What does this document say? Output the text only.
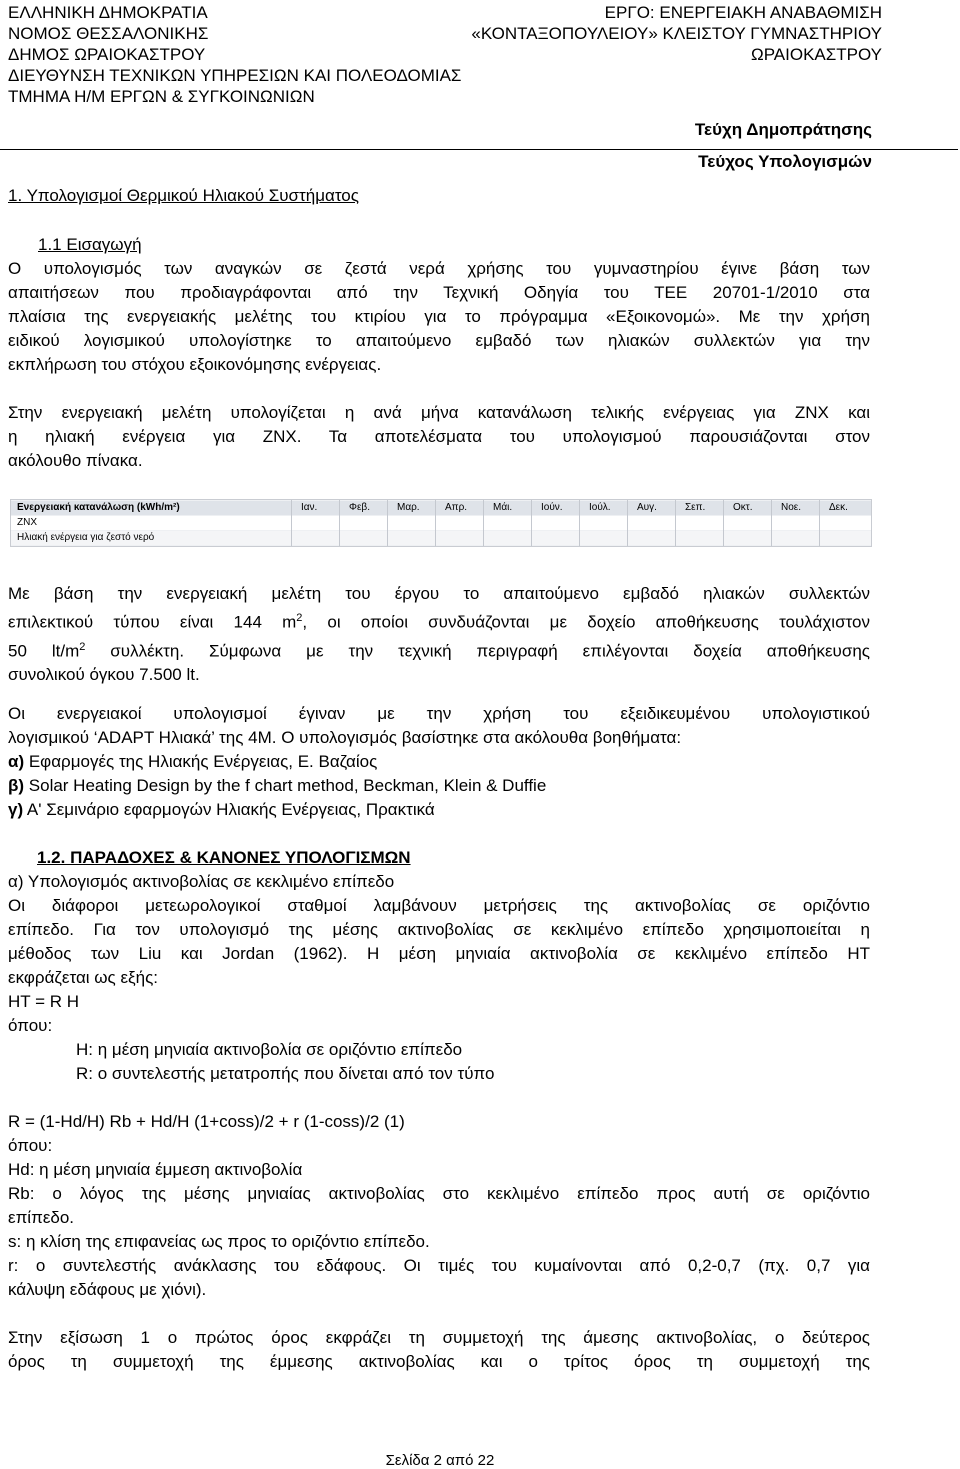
ΕΛΛΗΝΙΚΗ ΔΗΜΟΚΡΑΤΙΑ
ΝΟΜΟΣ ΘΕΣΣΑΛΟΝΙΚΗΣ
ΔΗΜΟΣ ΩΡΑΙΟΚΑΣΤΡΟΥ
ΔΙΕΥΘΥΝΣΗ ΤΕΧΝΙΚΩΝ ΥΠΗΡΕΣΙΩΝ ΚΑΙ ΠΟΛΕΟΔΟΜΙΑΣ
ΤΜΗΜΑ Η/Μ ΕΡΓΩΝ & ΣΥΓΚΟΙΝΩΝΙΩΝ
ΕΡΓΟ: ΕΝΕΡΓΕΙΑΚΗ ΑΝΑΒΑΘΜΙΣΗ
«ΚΟΝΤΑΞΟΠΟΥΛΕΙΟΥ» ΚΛΕΙΣΤΟΥ ΓΥΜΝΑΣΤΗΡΙΟΥ
ΩΡΑΙΟΚΑΣΤΡΟΥ
Τεύχη Δημοπράτησης
Τεύχος Υπολογισμών
1. Υπολογισμοί Θερμικού Ηλιακού Συστήματος
1.1 Εισαγωγή
Ο υπολογισμός των αναγκών σε ζεστά νερά χρήσης του γυμναστηρίου έγινε βάση των
απαιτήσεων που προδιαγράφονται από την Τεχνική Οδηγία του ΤΕΕ 20701-1/2010 στα
πλαίσια της ενεργειακής μελέτης του κτιρίου για το πρόγραμμα «Εξοικονομώ». Με την χρήση
ειδικού λογισμικού υπολογίστηκε το απαιτούμενο εμβαδό των ηλιακών συλλεκτών για την
εκπλήρωση του στόχου εξοικονόμησης ενέργειας.
Στην ενεργειακή μελέτη υπολογίζεται η ανά μήνα κατανάλωση τελικής ενέργειας για ΖΝΧ και
η ηλιακή ενέργεια για ΖΝΧ. Τα αποτελέσματα του υπολογισμού παρουσιάζονται στον
ακόλουθο πίνακα.
Ενεργειακή κατανάλωση (kWh/m²)	Ιαν.	Φεβ.	Μαρ.	Απρ.	Μάι.	Ιούν.	Ιούλ.	Αυγ.	Σεπ.	Οκτ.	Νοε.	Δεκ.
ΖΝΧ
Ηλιακή ενέργεια για ζεστό νερό
Με βάση την ενεργειακή μελέτη του έργου το απαιτούμενο εμβαδό ηλιακών συλλεκτών
επιλεκτικού τύπου είναι 144 $m^2$, οι οποίοι συνδυάζονται με δοχείο αποθήκευσης τουλάχιστον
50 $lt/m^2$ συλλέκτη. Σύμφωνα με την τεχνική περιγραφή επιλέγονται δοχεία αποθήκευσης
συνολικού όγκου 7.500 lt.
Οι ενεργειακοί υπολογισμοί έγιναν με την χρήση του εξειδικευμένου υπολογιστικού
λογισμικού ‘ADAPT Ηλιακά’ της 4Μ. Ο υπολογισμός βασίστηκε στα ακόλουθα βοηθήματα:
α) Εφαρμογές της Ηλιακής Ενέργειας, Ε. Βαζαίος
β) Solar Heating Design by the f chart method, Beckman, Klein & Duffie
γ) Α' Σεμινάριο εφαρμογών Ηλιακής Ενέργειας, Πρακτικά
1.2. ΠΑΡΑΔΟΧΕΣ & ΚΑΝΟΝΕΣ ΥΠΟΛΟΓΙΣΜΩΝ
α) Υπολογισμός ακτινοβολίας σε κεκλιμένο επίπεδο
Οι διάφοροι μετεωρολογικοί σταθμοί λαμβάνουν μετρήσεις της ακτινοβολίας σε οριζόντιο
επίπεδο. Για τον υπολογισμό της μέσης ακτινοβολίας σε κεκλιμένο επίπεδο χρησιμοποιείται η
μέθοδος των Liu και Jordan (1962). Η μέση μηνιαία ακτινοβολία σε κεκλιμένο επίπεδο ΗΤ
εκφράζεται ως εξής:
HT = R H
όπου:
H: η μέση μηνιαία ακτινοβολία σε οριζόντιο επίπεδο
R: ο συντελεστής μετατροπής που δίνεται από τον τύπο
R = (1-Hd/H) Rb + Hd/H (1+coss)/2 + r (1-coss)/2 (1)
όπου:
Hd: η μέση μηνιαία έμμεση ακτινοβολία
Rb: ο λόγος της μέσης μηνιαίας ακτινοβολίας στο κεκλιμένο επίπεδο προς αυτή σε οριζόντιο
επίπεδο.
s: η κλίση της επιφανείας ως προς το οριζόντιο επίπεδο.
r: ο συντελεστής ανάκλασης του εδάφους. Οι τιμές του κυμαίνονται από 0,2-0,7 (πχ. 0,7 για
κάλυψη εδάφους με χιόνι).
Στην εξίσωση 1 ο πρώτος όρος εκφράζει τη συμμετοχή της άμεσης ακτινοβολίας, ο δεύτερος
όρος τη συμμετοχή της έμμεσης ακτινοβολίας και ο τρίτος όρος τη συμμετοχή της
Σελίδα 2 από 22
